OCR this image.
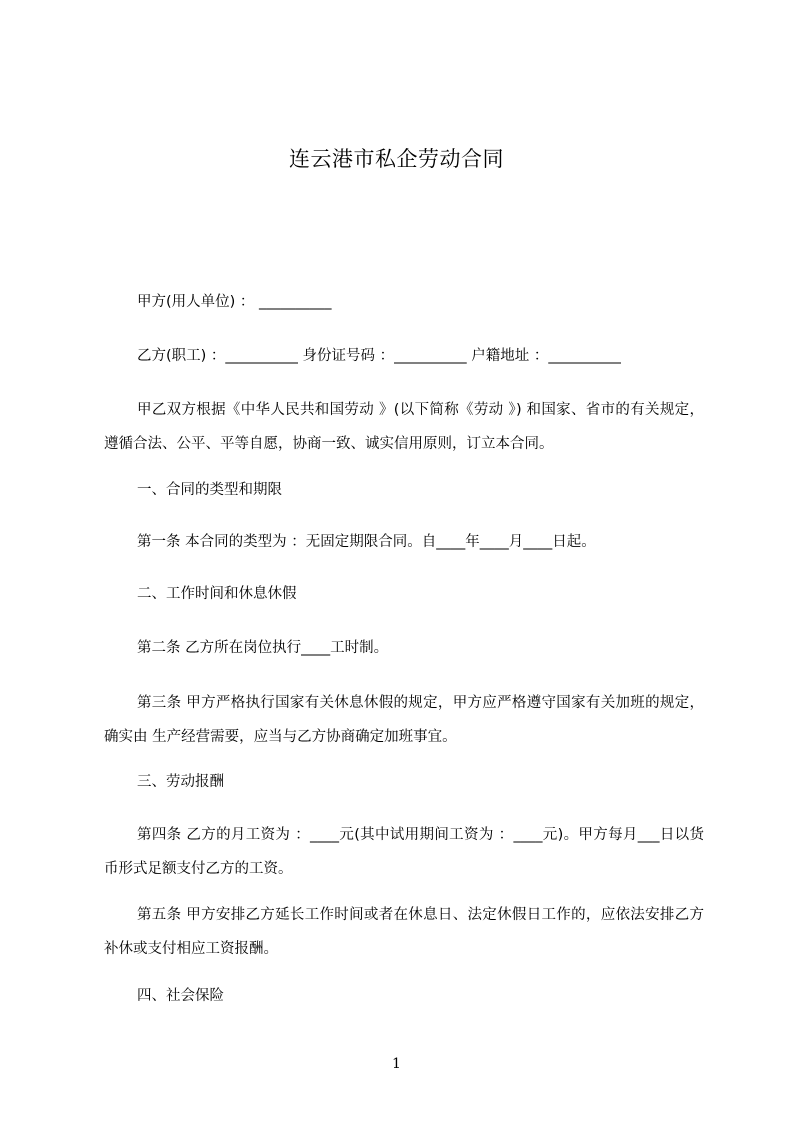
连云港市私企劳动合同
甲方(用人单位) ： __________
乙方(职工) ：__________ 身份证号码 ：__________ 户籍地址 ：__________
甲乙双方根据《中华人民共和国劳动 》(以下简称《劳动 》) 和国家、省市的有关规定，遵循合法、公平、平等自愿，协商一致、诚实信用原则，订立本合同。
一、合同的类型和期限
第一条 本合同的类型为 ：无固定期限合同。自____年____月____日起。
二、工作时间和休息休假
第二条 乙方所在岗位执行____工时制。
第三条 甲方严格执行国家有关休息休假的规定，甲方应严格遵守国家有关加班的规定，确实由 生产经营需要，应当与乙方协商确定加班事宜。
三、劳动报酬
第四条 乙方的月工资为 ：____元(其中试用期间工资为 ：____元)。甲方每月___日以货币形式足额支付乙方的工资。
第五条 甲方安排乙方延长工作时间或者在休息日、法定休假日工作的，应依法安排乙方补休或支付相应工资报酬。
四、社会保险
1
